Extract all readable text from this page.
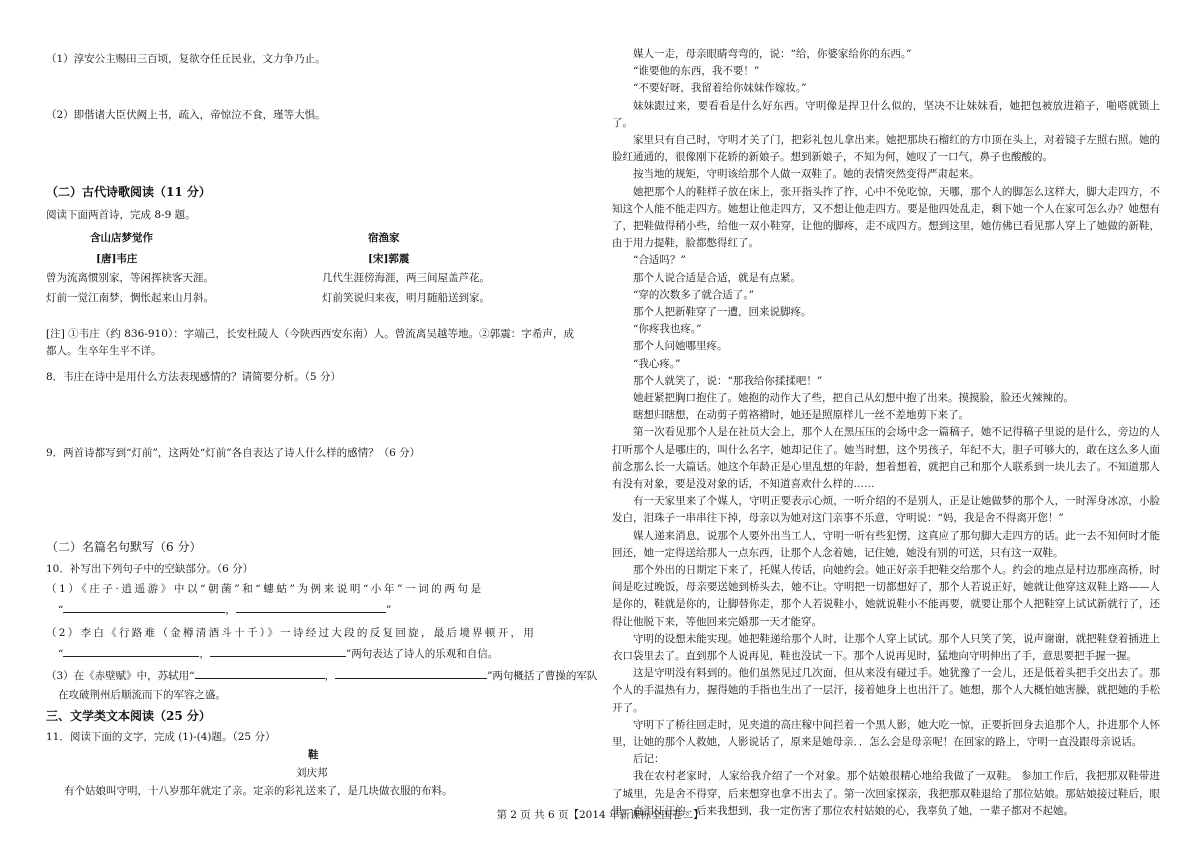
（1）淳安公主赐田三百顷，复欲夺任丘民业，文力争乃止。
（2）即偕诸大臣伏阙上书，疏入，帝惊泣不食，瑾等大惧。
（二）古代诗歌阅读（11 分）
阅读下面两首诗，完成 8-9 题。
含山店梦觉作
[唐]韦庄
曾为流离惯别家，等闲挥袂客天涯。
灯前一觉江南梦，惆怅起来山月斜。
宿渔家
[宋]郭震
几代生涯傍海涯，两三间屋盖芦花。
灯前笑说归来夜，明月随船送到家。
[注] ①韦庄（约 836-910）：字端己，长安杜陵人（今陕西西安东南）人。曾流离吴越等地。②郭震：字希声，成都人。生卒年生平不详。
8．韦庄在诗中是用什么方法表现感情的？请简要分析。（5 分）
9．两首诗都写到“灯前”，这两处“灯前”各自表达了诗人什么样的感情？（6 分）
（二）名篇名句默写（6 分）
10．补写出下列句子中的空缺部分。（6 分）
（1）《庄子·逍遥游》中以“朝菌”和“蟪蛄”为例来说明“小年”一词的两句是
“	，	”
（2）李白《行路难（金樽清酒斗十千）》一诗经过大段的反复回旋，最后境界顿开，用
“	，	”两句表达了诗人的乐观和自信。
（3）在《赤壁赋》中，苏轼用“	，	”两句概括了曹操的军队
在攻破荆州后顺流而下的军容之盛。
三、文学类文本阅读（25 分）
11．阅读下面的文字，完成 (1)-(4)题。（25 分）
鞋
刘庆邦
有个姑娘叫守明，十八岁那年就定了亲。定亲的彩礼送来了，是几块做衣服的布料。
媒人一走，母亲眼睛弯弯的，说：“给，你婆家给你的东西。”
“谁要他的东西，我不要！”
“不要好呀，我留着给你妹妹作嫁妆。”
妹妹跟过来，要看看是什么好东西。守明像是捍卫什么似的，坚决不让妹妹看，她把包被放进箱子，啪嗒就锁上了。
家里只有自己时，守明才关了门，把彩礼包儿拿出来。她把那块石榴红的方巾顶在头上，对着镜子左照右照。她的脸红通通的，很像刚下花轿的新娘子。想到新娘子，不知为何，她叹了一口气，鼻子也酸酸的。
按当地的规矩，守明该给那个人做一双鞋了。她的表情突然变得严肃起来。
她把那个人的鞋样子放在床上，张开指头拃了拃，心中不免吃惊，天哪，那个人的脚怎么这样大，脚大走四方，不知这个人能不能走四方。她想让他走四方，又不想让他走四方。要是他四处乱走，剩下她一个人在家可怎么办？她想有了，把鞋做得稍小些，给他一双小鞋穿，让他的脚疼，走不成四方。想到这里，她仿佛已看见那人穿上了她做的新鞋，由于用力提鞋，脸都憋得红了。
“合适吗？”
那个人说合适是合适，就是有点紧。
“穿的次数多了就合适了。”
那个人把新鞋穿了一遭，回来说脚疼。
“你疼我也疼。”
那个人问她哪里疼。
“我心疼。”
那个人就笑了，说：“那我给你揉揉吧！”
她赶紧把胸口抱住了。她抱的动作大了些，把自己从幻想中抱了出来。摸摸脸，脸还火辣辣的。
瞎想归瞎想，在动剪子剪袼褙时，她还是照原样儿一丝不差地剪下来了。
第一次看见那个人是在社员大会上，那个人在黑压压的会场中念一篇稿子，她不记得稿子里说的是什么，旁边的人打听那个人是哪庄的，叫什么名字，她却记住了。她当时想，这个男孩子，年纪不大，胆子可够大的，敢在这么多人面前念那么长一大篇话。她这个年龄正是心里乱想的年龄，想着想着，就把自己和那个人联系到一块儿去了。不知道那人有没有对象，要是没对象的话，不知道喜欢什么样的……
有一天家里来了个媒人，守明正要表示心烦，一听介绍的不是别人，正是让她做梦的那个人，一时浑身冰凉，小脸发白，泪珠子一串串往下掉，母亲以为她对这门亲事不乐意，守明说：“妈，我是舍不得离开您！”
媒人递来消息，说那个人要外出当工人，守明一听有些犯愣，这真应了那句脚大走四方的话。此一去不知何时才能回还，她一定得送给那人一点东西，让那个人念着她，记住她，她没有别的可送，只有这一双鞋。
那个外出的日期定下来了，托媒人传话，向她约会。她正好亲手把鞋交给那个人。约会的地点是村边那座高桥，时间是吃过晚饭，母亲要送她到桥头去，她不让。守明把一切都想好了，那个人若说正好，她就让他穿这双鞋上路——人是你的，鞋就是你的，让脚替你走，那个人若说鞋小，她就说鞋小不能再要，就要让那个人把鞋穿上试试新就行了，还得让他脱下来，等他回来完婚那一天才能穿。
守明的设想未能实现。她把鞋递给那个人时，让那个人穿上试试。那个人只笑了笑，说声谢谢，就把鞋登着插进上衣口袋里去了。直到那个人说再见，鞋也没试一下。那个人说再见时，猛地向守明伸出了手，意思要把手握一握。
这是守明没有料到的。他们虽然见过几次面，但从来没有碰过手。她犹豫了一会儿，还是低着头把手交出去了。那个人的手温热有力，握得她的手指也生出了一层汗，接着她身上也出汗了。她想，那个人大概怕她害臊，就把她的手松开了。
守明下了桥往回走时，见夹道的高庄稼中间拦着一个黑人影，她大吃一惊，正要折回身去追那个人，扑进那个人怀里，让她的那个人救她，人影说话了，原来是她母亲．．怎么会是母亲呢！在回家的路上，守明一直没跟母亲说话。
后记：
我在农村老家时，人家给我介绍了一个对象。那个姑娘很精心地给我做了一双鞋。 参加工作后，我把那双鞋带进了城里，先是舍不得穿，后来想穿也拿不出去了。第一次回家探亲，我把那双鞋退给了那位姑娘。那姑娘接过鞋后，眼里一直泪汪汪的。后来我想到，我一定伤害了那位农村姑娘的心，我辜负了她，一辈子都对不起她。
第 2 页 共 6 页【2014 年新课标全国卷二】
